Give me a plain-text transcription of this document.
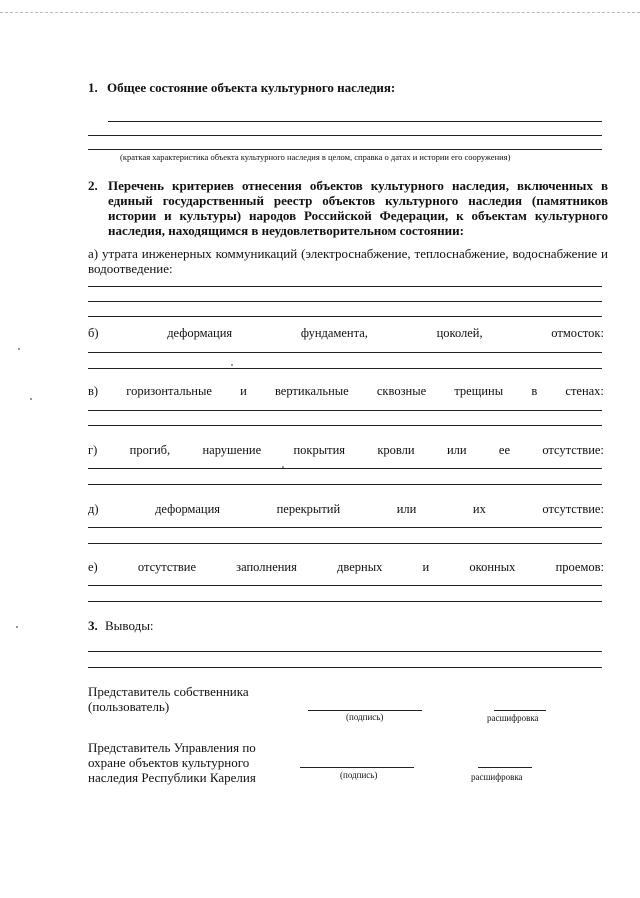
1. Общее состояние объекта культурного наследия:
(краткая характеристика объекта культурного наследия в целом, справка о датах и истории его сооружения)
2. Перечень критериев отнесения объектов культурного наследия, включенных в единый государственный реестр объектов культурного наследия (памятников истории и культуры) народов Российской Федерации, к объектам культурного наследия, находящимся в неудовлетворительном состоянии:
а) утрата инженерных коммуникаций (электроснабжение, теплоснабжение, водоснабжение и водоотведение:
б)	деформация	фундамента,	цоколей,	отмосток:
в) горизонтальные и вертикальные сквозные трещины в стенах:
г)	прогиб,	нарушение	покрытия	кровли	или	ее	отсутствие:
д)	деформация	перекрытий	или	их	отсутствие:
е)	отсутствие	заполнения	дверных	и	оконных	проемов:
3. Выводы:
Представитель собственника
(пользователь)
(подпись)	расшифровка
Представитель Управления по
охране объектов культурного
наследия Республики Карелия	(подпись)	расшифровка
